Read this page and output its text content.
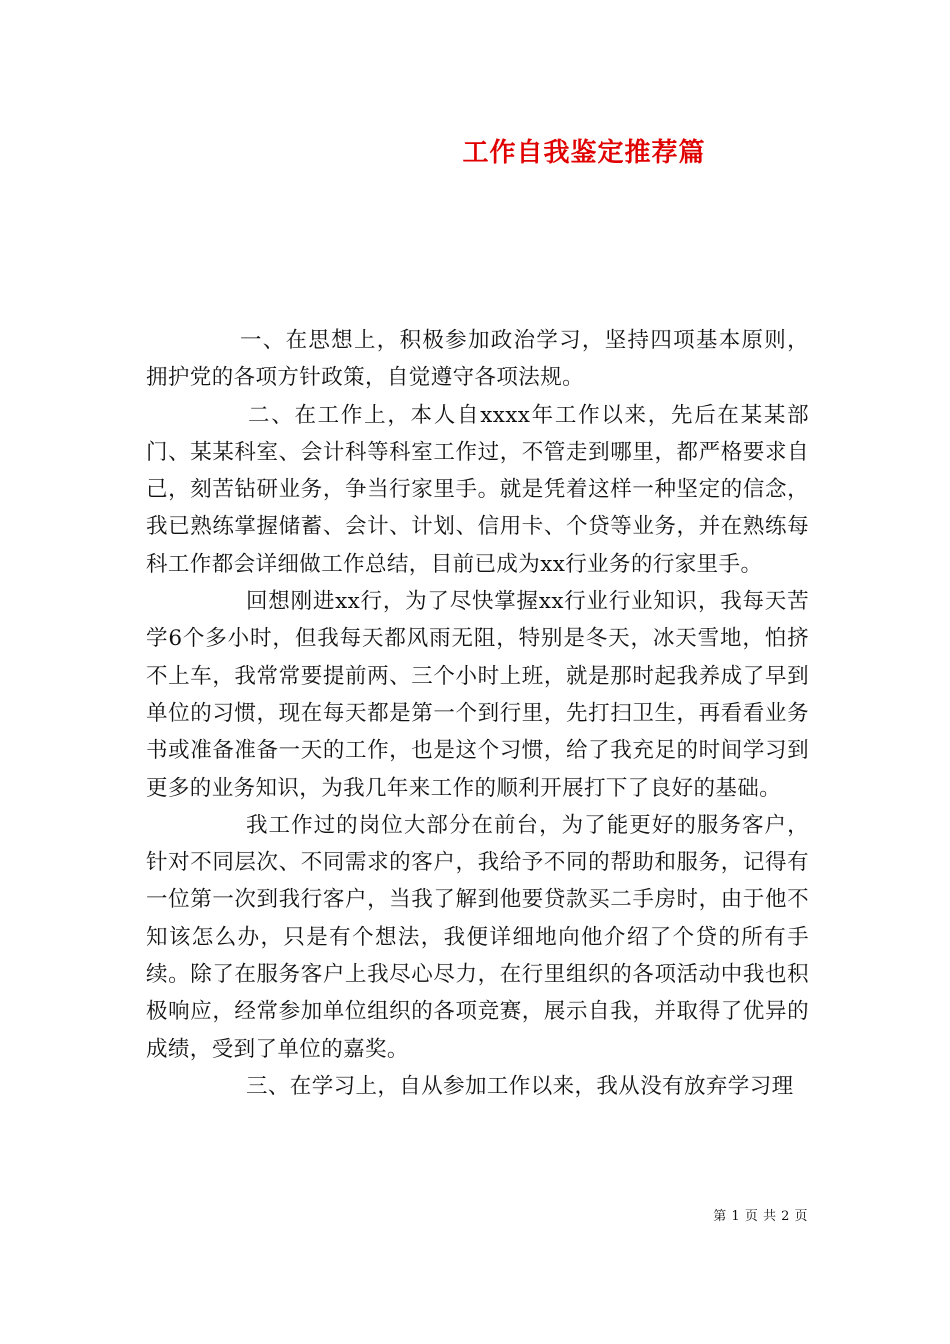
工作自我鉴定推荐篇

一、在思想上，积极参加政治学习，坚持四项基本原则，拥护党的各项方针政策，自觉遵守各项法规。

二、在工作上，本人自xxxx年工作以来，先后在某某部门、某某科室、会计科等科室工作过，不管走到哪里，都严格要求自己，刻苦钻研业务，争当行家里手。就是凭着这样一种坚定的信念，我已熟练掌握储蓄、会计、计划、信用卡、个贷等业务，并在熟练每科工作都会详细做工作总结，目前已成为xx行业务的行家里手。

回想刚进xx行，为了尽快掌握xx行业行业知识，我每天苦学6个多小时，但我每天都风雨无阻，特别是冬天，冰天雪地，怕挤不上车，我常常要提前两、三个小时上班，就是那时起我养成了早到单位的习惯，现在每天都是第一个到行里，先打扫卫生，再看看业务书或准备准备一天的工作，也是这个习惯，给了我充足的时间学习到更多的业务知识，为我几年来工作的顺利开展打下了良好的基础。

我工作过的岗位大部分在前台，为了能更好的服务客户，针对不同层次、不同需求的客户，我给予不同的帮助和服务，记得有一位第一次到我行客户，当我了解到他要贷款买二手房时，由于他不知该怎么办，只是有个想法，我便详细地向他介绍了个贷的所有手续。除了在服务客户上我尽心尽力，在行里组织的各项活动中我也积极响应，经常参加单位组织的各项竞赛，展示自我，并取得了优异的成绩，受到了单位的嘉奖。

三、在学习上，自从参加工作以来，我从没有放弃学习理

第 1 页 共 2 页
